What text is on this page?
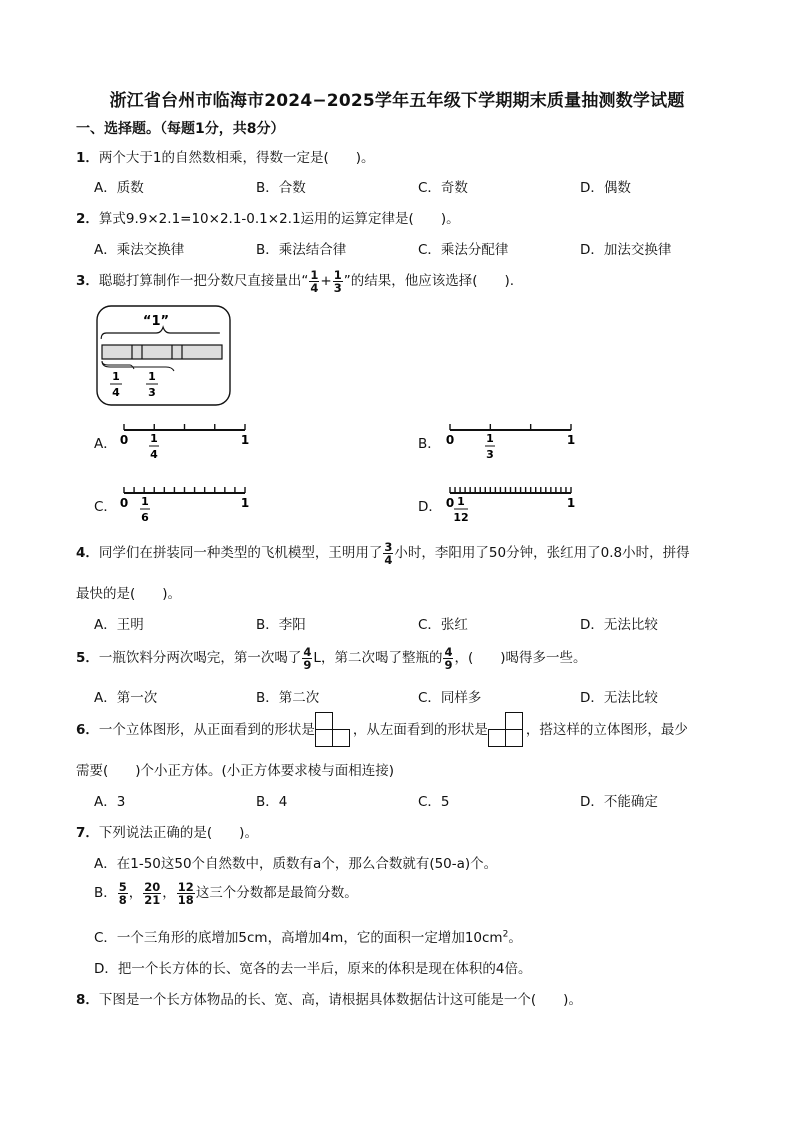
浙江省台州市临海市2024−2025学年五年级下学期期末质量抽测数学试题
一、选择题。（每题1分，共8分）
1．两个大于1的自然数相乘，得数一定是(　　)。
A．质数	B．合数	C．奇数	D．偶数
2．算式9.9×2.1=10×2.1-0.1×2.1运用的运算定律是(　　)。
A．乘法交换律	B．乘法结合律	C．乘法分配律	D．加法交换律
3．聪聪打算制作一把分数尺直接量出“ $\frac{1}{4} + \frac{1}{3}$ ”的结果，他应该选择(　　).
“1”
1
4
1
3
A． 0	1
1
4
B． 0	1
1
3
C． 0	1
1
6
D． 0	1
1
12
4．同学们在拼装同一种类型的飞机模型，王明用了 $\frac{3}{4}$ 小时，李阳用了50分钟，张红用了0.8小时，拼得
最快的是(　　)。
A．王明	B．李阳	C．张红	D．无法比较
5．一瓶饮料分两次喝完，第一次喝了 $\frac{4}{9}$ L，第二次喝了整瓶的 $\frac{4}{9}$ ，(　　)喝得多一些。
A．第一次	B．第二次	C．同样多	D．无法比较
6．一个立体图形，从正面看到的形状是	，从左面看到的形状是	，搭这样的立体图形，最少
需要(　　)个小正方体。(小正方体要求棱与面相连接)
A．3	B．4	C．5	D．不能确定
7．下列说法正确的是(　　)。
A．在1-50这50个自然数中，质数有a个，那么合数就有(50-a)个。
B． $\frac{5}{8}$ ， $\frac{20}{21}$ ， $\frac{12}{18}$ 这三个分数都是最简分数。
C．一个三角形的底增加5cm，高增加4m，它的面积一定增加$10cm^2$。
D．把一个长方体的长、宽各的去一半后，原来的体积是现在体积的4倍。
8．下图是一个长方体物品的长、宽、高，请根据具体数据估计这可能是一个(　　)。
